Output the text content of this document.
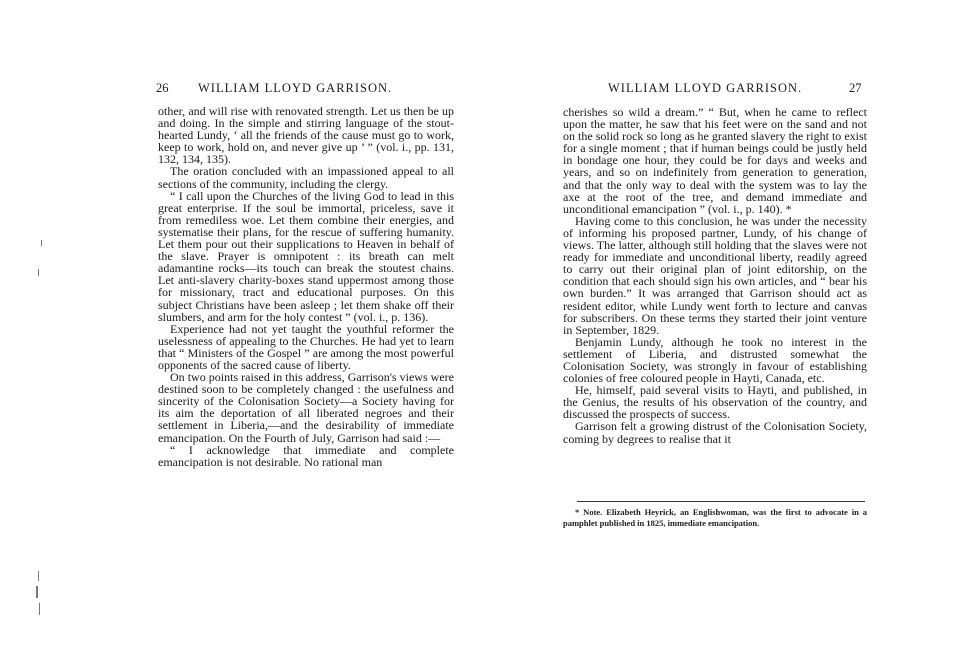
26 WILLIAM LLOYD GARRISON.

other, and will rise with renovated strength. Let us then be up and doing. In the simple and stirring language of the stout-hearted Lundy, ‘ all the friends of the cause must go to work, keep to work, hold on, and never give up ’ ” (vol. i., pp. 131, 132, 134, 135).

The oration concluded with an impassioned appeal to all sections of the community, including the clergy.

“ I call upon the Churches of the living God to lead in this great enterprise. If the soul be immortal, priceless, save it from remediless woe. Let them combine their energies, and systematise their plans, for the rescue of suffering humanity. Let them pour out their supplications to Heaven in behalf of the slave. Prayer is omnipotent : its breath can melt adamantine rocks—its touch can break the stoutest chains. Let anti-slavery charity-boxes stand uppermost among those for missionary, tract and educational purposes. On this subject Christians have been asleep ; let them shake off their slumbers, and arm for the holy contest ” (vol. i., p. 136).

Experience had not yet taught the youthful reformer the uselessness of appealing to the Churches. He had yet to learn that “ Ministers of the Gospel ” are among the most powerful opponents of the sacred cause of liberty.

On two points raised in this address, Garrison's views were destined soon to be completely changed : the usefulness and sincerity of the Colonisation Society—a Society having for its aim the deportation of all liberated negroes and their settlement in Liberia,—and the desirability of immediate emancipation. On the Fourth of July, Garrison had said :—

“ I acknowledge that immediate and complete emancipation is not desirable. No rational man

WILLIAM LLOYD GARRISON.	27

cherishes so wild a dream.” “ But, when he came to reflect upon the matter, he saw that his feet were on the sand and not on the solid rock so long as he granted slavery the right to exist for a single moment ; that if human beings could be justly held in bondage one hour, they could be for days and weeks and years, and so on indefinitely from generation to generation, and that the only way to deal with the system was to lay the axe at the root of the tree, and demand immediate and unconditional emancipation ” (vol. i., p. 140). *

Having come to this conclusion, he was under the necessity of informing his proposed partner, Lundy, of his change of views. The latter, although still holding that the slaves were not ready for immediate and unconditional liberty, readily agreed to carry out their original plan of joint editorship, on the condition that each should sign his own articles, and “ bear his own burden.” It was arranged that Garrison should act as resident editor, while Lundy went forth to lecture and canvas for subscribers. On these terms they started their joint venture in September, 1829.

Benjamin Lundy, although he took no interest in the settlement of Liberia, and distrusted somewhat the Colonisation Society, was strongly in favour of establishing colonies of free coloured people in Hayti, Canada, etc.

He, himself, paid several visits to Hayti, and published, in the Genius, the results of his observation of the country, and discussed the prospects of success.

Garrison felt a growing distrust of the Colonisation Society, coming by degrees to realise that it

* Note. Elizabeth Heyrick, an Englishwoman, was the first to advocate in a pamphlet published in 1825, immediate emancipation.
